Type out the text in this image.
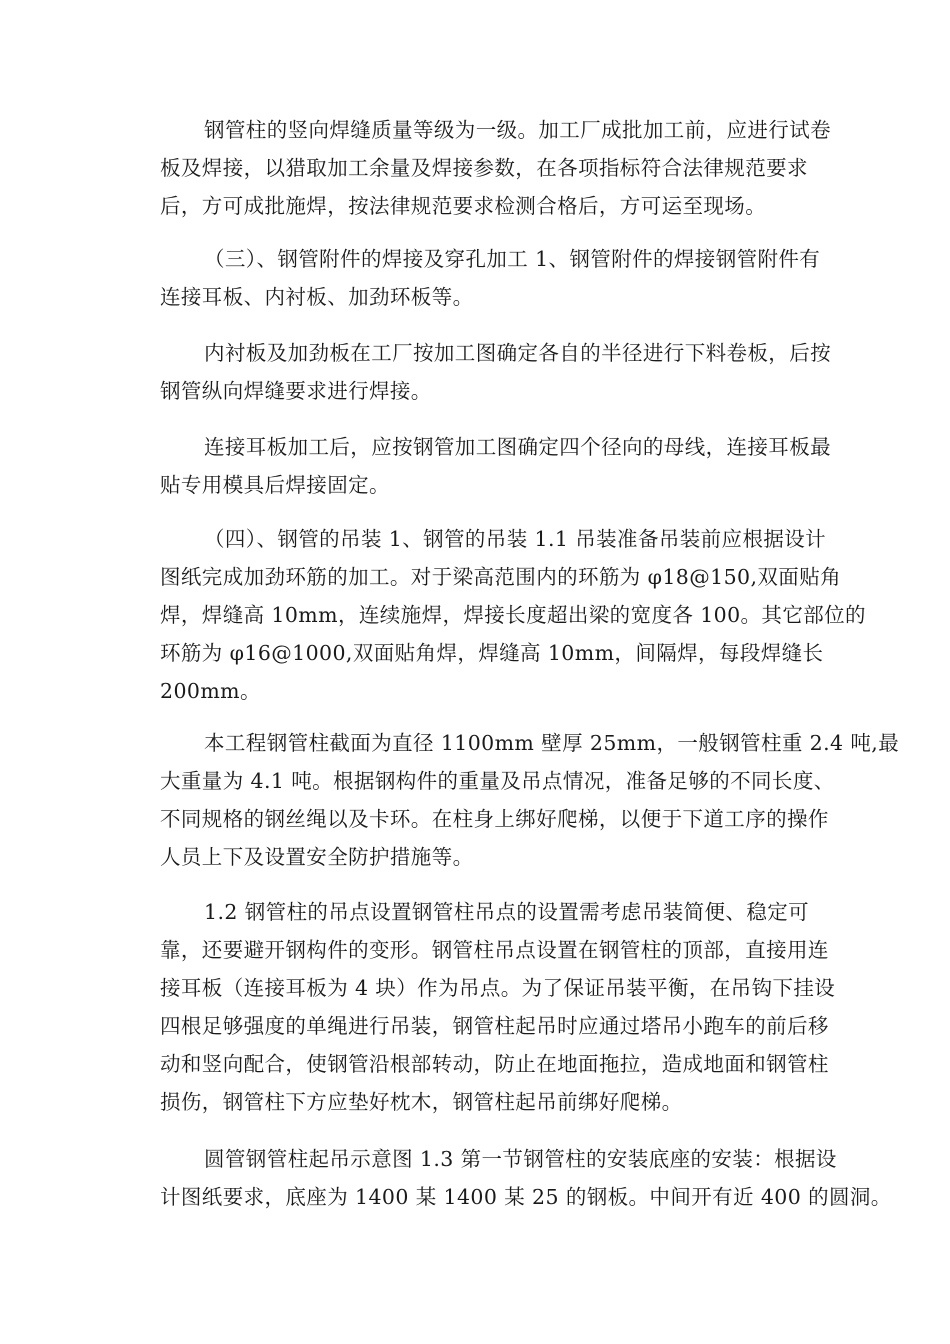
钢管柱的竖向焊缝质量等级为一级。加工厂成批加工前，应进行试卷
板及焊接，以猎取加工余量及焊接参数，在各项指标符合法律规范要求
后，方可成批施焊，按法律规范要求检测合格后，方可运至现场。
（三）、钢管附件的焊接及穿孔加工 1、钢管附件的焊接钢管附件有
连接耳板、内衬板、加劲环板等。
内衬板及加劲板在工厂按加工图确定各自的半径进行下料卷板，后按
钢管纵向焊缝要求进行焊接。
连接耳板加工后，应按钢管加工图确定四个径向的母线，连接耳板最
贴专用模具后焊接固定。
（四）、钢管的吊装 1、钢管的吊装 1.1 吊装准备吊装前应根据设计
图纸完成加劲环筋的加工。对于梁高范围内的环筋为 φ18@150,双面贴角
焊，焊缝高 10mm，连续施焊，焊接长度超出梁的宽度各 100。其它部位的
环筋为 φ16@1000,双面贴角焊，焊缝高 10mm，间隔焊，每段焊缝长
200mm。
本工程钢管柱截面为直径 1100mm 壁厚 25mm，一般钢管柱重 2.4 吨,最
大重量为 4.1 吨。根据钢构件的重量及吊点情况，准备足够的不同长度、
不同规格的钢丝绳以及卡环。在柱身上绑好爬梯，以便于下道工序的操作
人员上下及设置安全防护措施等。
1.2 钢管柱的吊点设置钢管柱吊点的设置需考虑吊装简便、稳定可
靠，还要避开钢构件的变形。钢管柱吊点设置在钢管柱的顶部，直接用连
接耳板（连接耳板为 4 块）作为吊点。为了保证吊装平衡，在吊钩下挂设
四根足够强度的单绳进行吊装，钢管柱起吊时应通过塔吊小跑车的前后移
动和竖向配合，使钢管沿根部转动，防止在地面拖拉，造成地面和钢管柱
损伤，钢管柱下方应垫好枕木，钢管柱起吊前绑好爬梯。
圆管钢管柱起吊示意图 1.3 第一节钢管柱的安装底座的安装：根据设
计图纸要求，底座为 1400 某 1400 某 25 的钢板。中间开有近 400 的圆洞。
